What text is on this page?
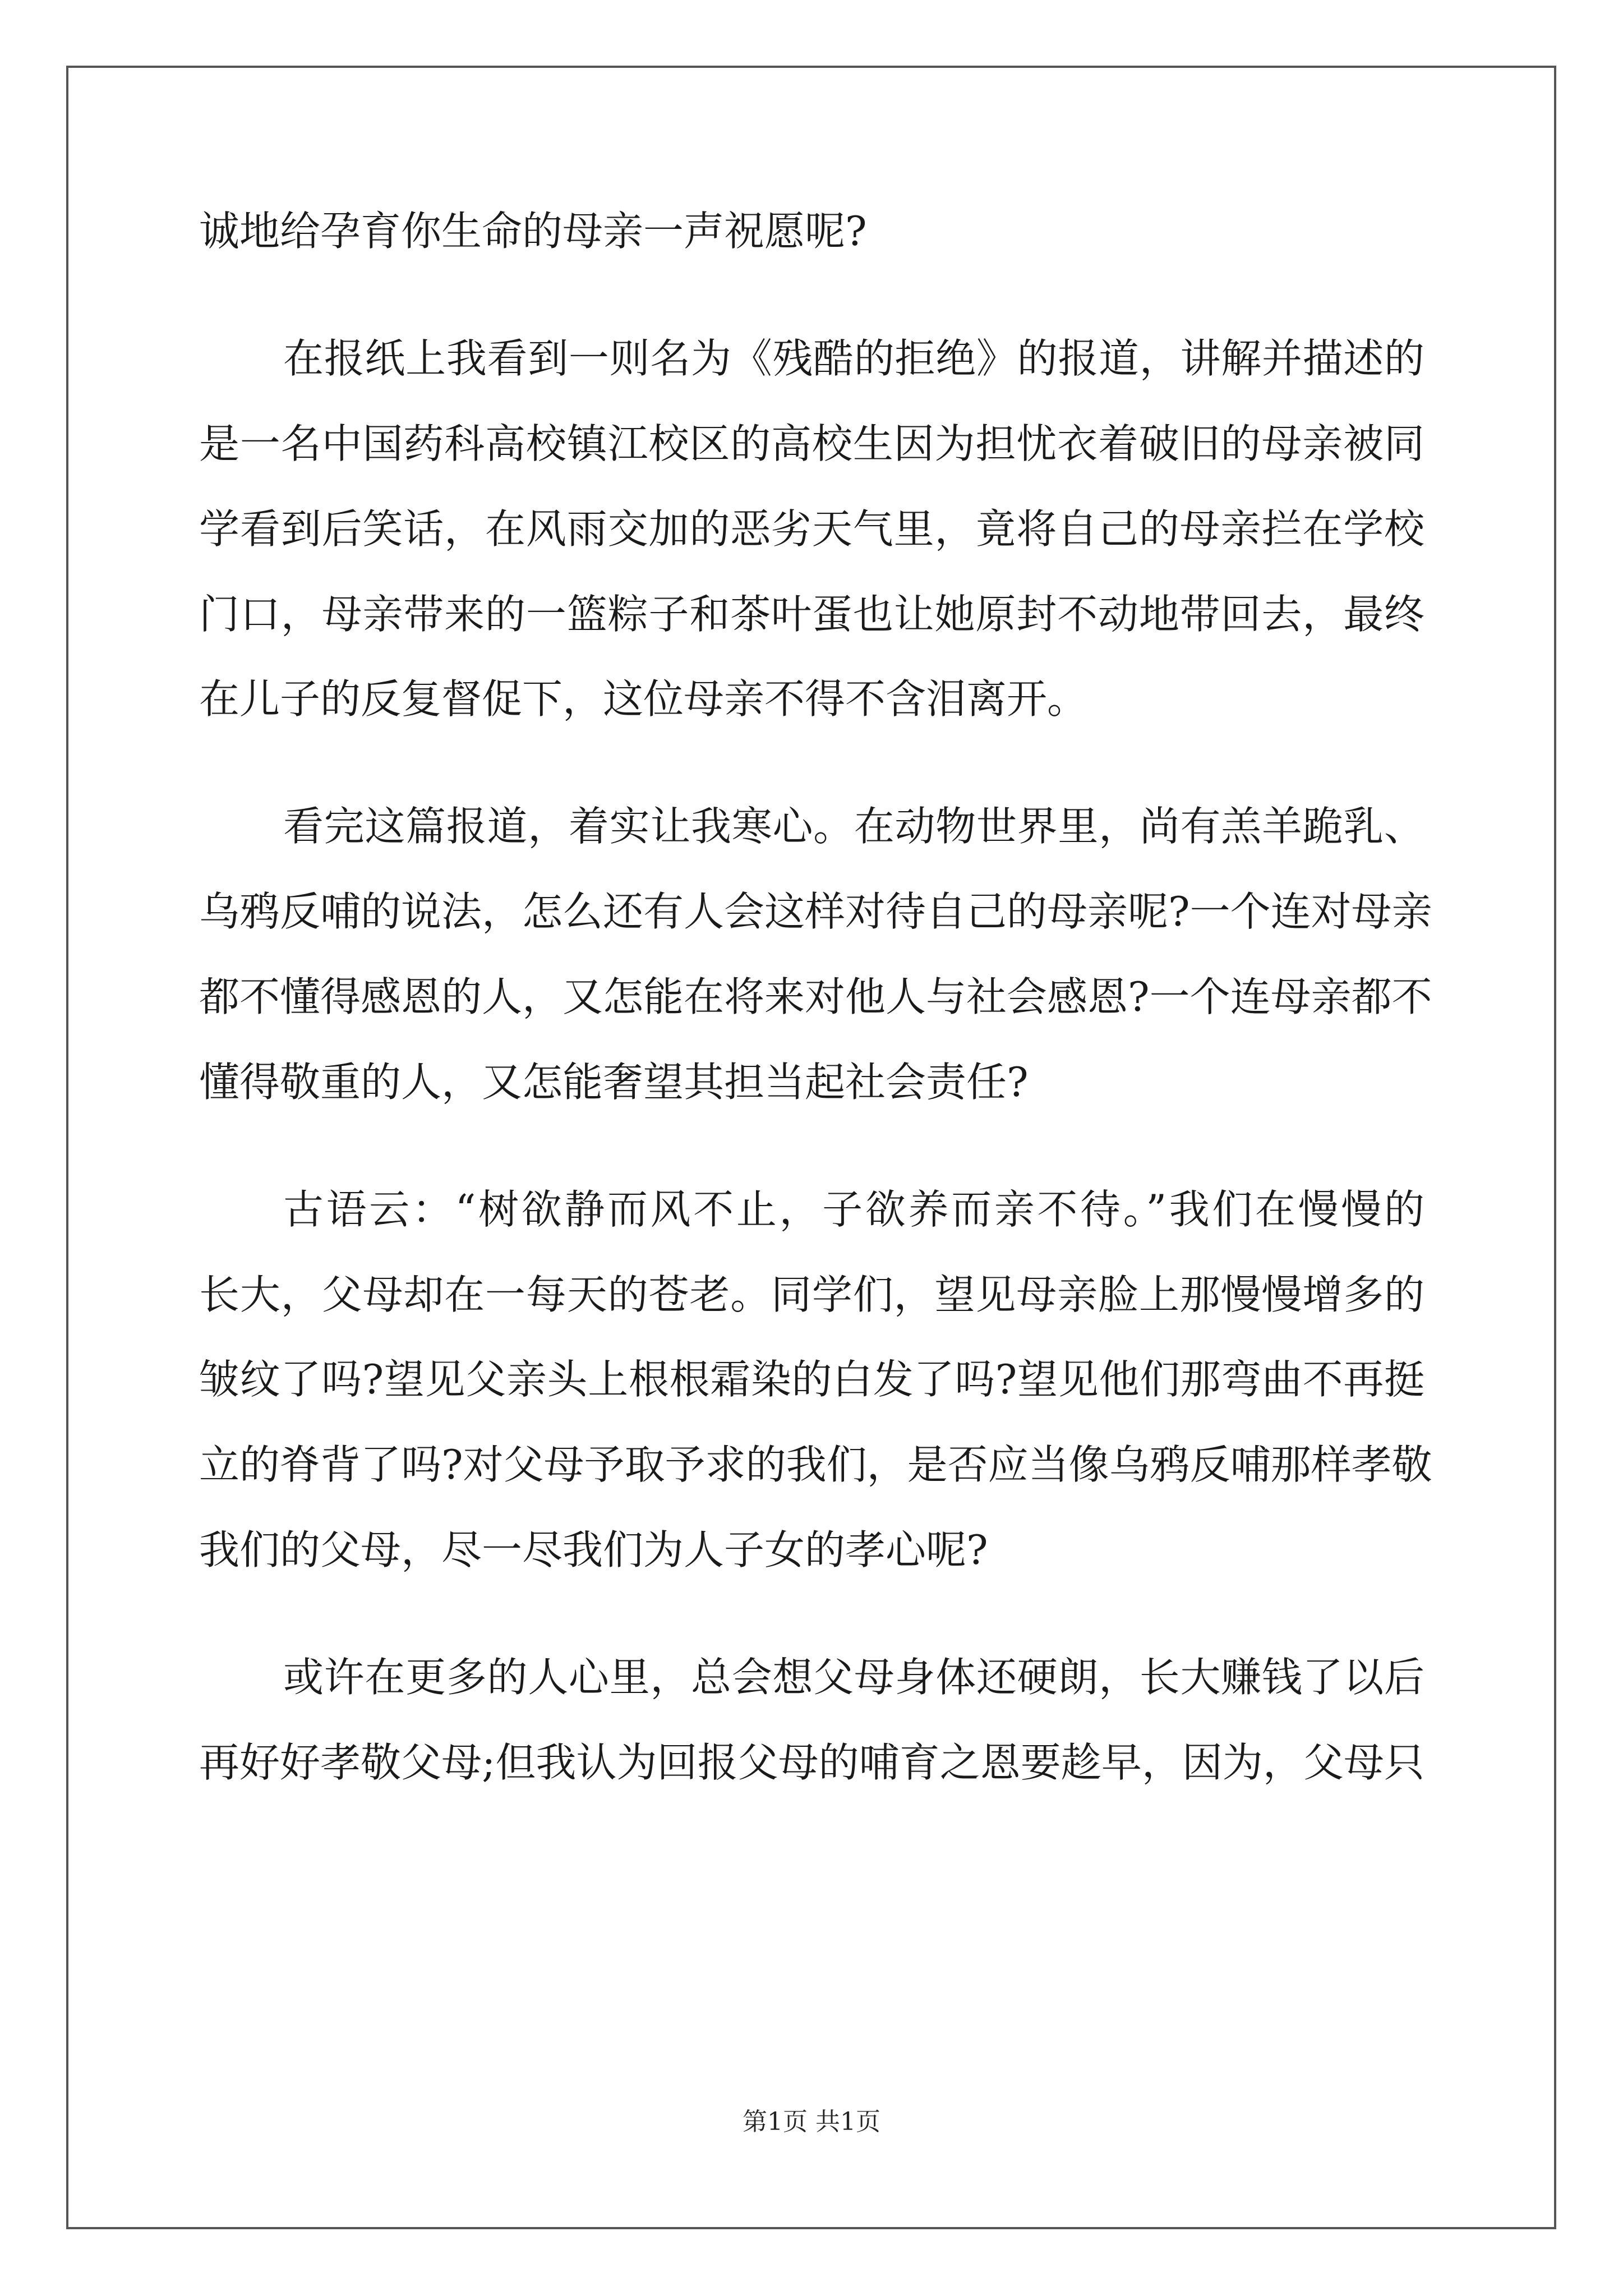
诚地给孕育你生命的母亲一声祝愿呢?

在报纸上我看到一则名为《残酷的拒绝》的报道，讲解并描述的

是一名中国药科高校镇江校区的高校生因为担忧衣着破旧的母亲被同

学看到后笑话，在风雨交加的恶劣天气里，竟将自己的母亲拦在学校

门口，母亲带来的一篮粽子和茶叶蛋也让她原封不动地带回去，最终

在儿子的反复督促下，这位母亲不得不含泪离开。

看完这篇报道，着实让我寒心。在动物世界里，尚有羔羊跪乳、

乌鸦反哺的说法，怎么还有人会这样对待自己的母亲呢?一个连对母亲

都不懂得感恩的人，又怎能在将来对他人与社会感恩?一个连母亲都不

懂得敬重的人，又怎能奢望其担当起社会责任?

古语云：“树欲静而风不止，子欲养而亲不待。”我们在慢慢的

长大，父母却在一每天的苍老。同学们，望见母亲脸上那慢慢增多的

皱纹了吗?望见父亲头上根根霜染的白发了吗?望见他们那弯曲不再挺

立的脊背了吗?对父母予取予求的我们，是否应当像乌鸦反哺那样孝敬

我们的父母，尽一尽我们为人子女的孝心呢?

或许在更多的人心里，总会想父母身体还硬朗，长大赚钱了以后

再好好孝敬父母;但我认为回报父母的哺育之恩要趁早，因为，父母只

第1页 共1页
